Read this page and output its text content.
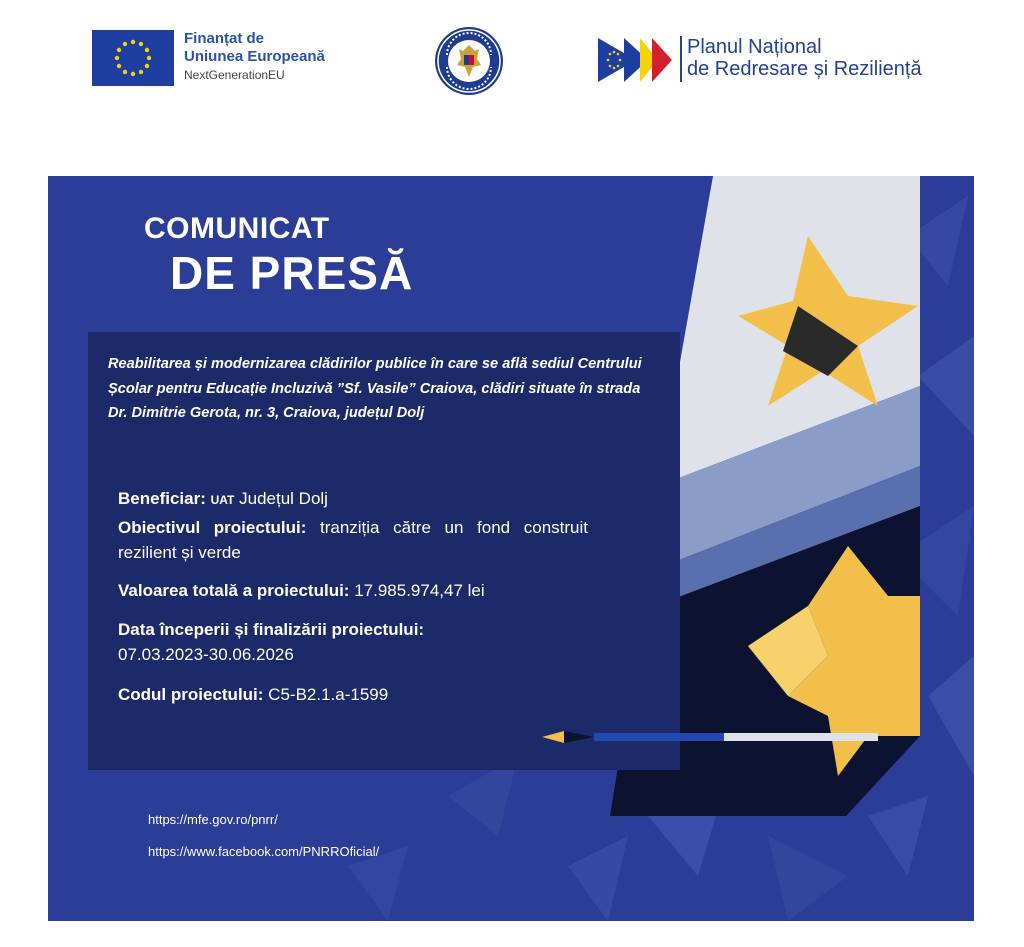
Finanțat de
Uniunea Europeană
NextGenerationEU
Planul Național
de Redresare și Reziliență
COMUNICAT
DE PRESĂ

Reabilitarea și modernizarea clădirilor publice în care se află sediul Centrului Școlar pentru Educație Incluzivă ”Sf. Vasile” Craiova, clădiri situate în strada Dr. Dimitrie Gerota, nr. 3, Craiova, județul Dolj

Beneficiar: UAT Județul Dolj

Obiectivul proiectului: tranziția către un fond construit rezilient și verde

Valoarea totală a proiectului: 17.985.974,47 lei

Data începerii și finalizării proiectului:
07.03.2023-30.06.2026

Codul proiectului: C5-B2.1.a-1599

https://mfe.gov.ro/pnrr/
https://www.facebook.com/PNRROficial/
